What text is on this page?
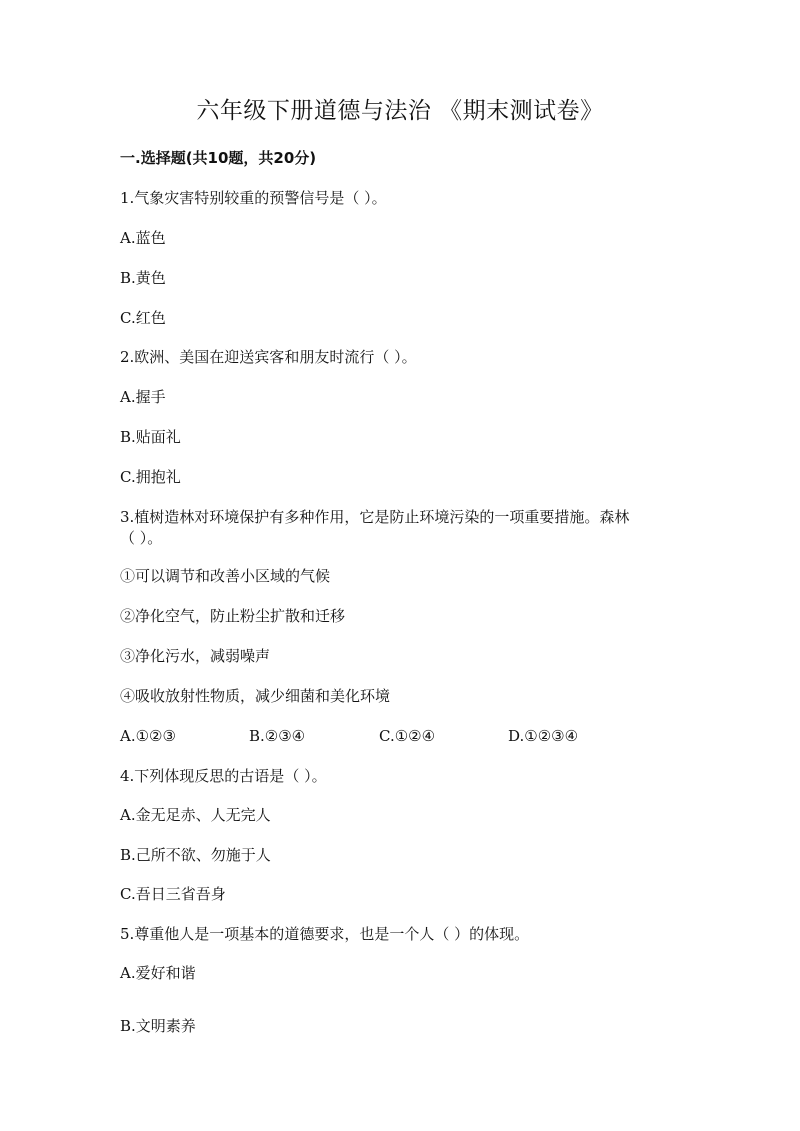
六年级下册道德与法治 《期末测试卷》
一.选择题(共10题，共20分)
1.气象灾害特别较重的预警信号是（ ）。
A.蓝色
B.黄色
C.红色
2.欧洲、美国在迎送宾客和朋友时流行（ ）。
A.握手
B.贴面礼
C.拥抱礼
3.植树造林对环境保护有多种作用，它是防止环境污染的一项重要措施。森林
（ ）。
①可以调节和改善小区域的气候
②净化空气，防止粉尘扩散和迁移
③净化污水，减弱噪声
④吸收放射性物质，减少细菌和美化环境
A.①②③	B.②③④	C.①②④	D.①②③④
4.下列体现反思的古语是（ ）。
A.金无足赤、人无完人
B.己所不欲、勿施于人
C.吾日三省吾身
5.尊重他人是一项基本的道德要求，也是一个人（ ）的体现。
A.爱好和谐
B.文明素养
